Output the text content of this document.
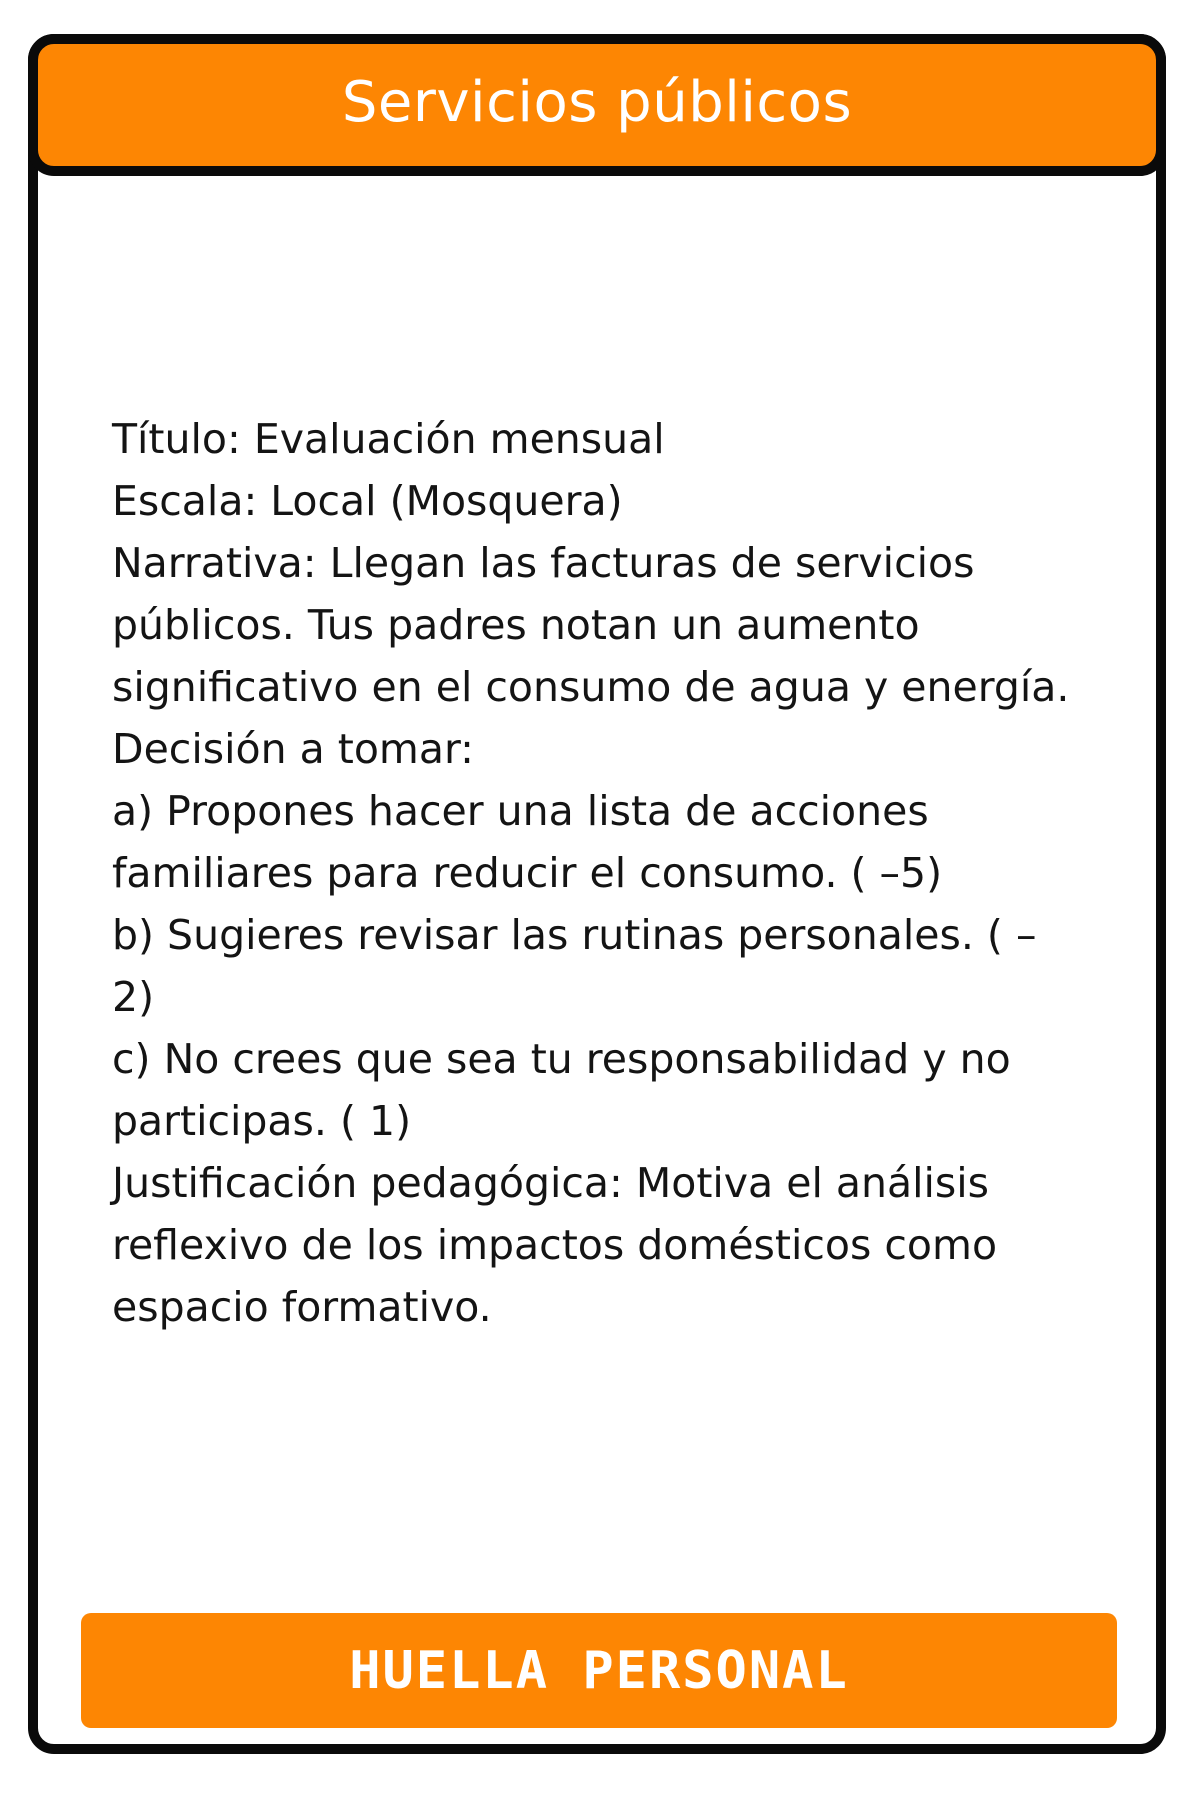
Servicios públicos
Título: Evaluación mensual
Escala: Local (Mosquera)
Narrativa: Llegan las facturas de servicios
públicos. Tus padres notan un aumento
significativo en el consumo de agua y energía.
Decisión a tomar:
a) Propones hacer una lista de acciones
familiares para reducir el consumo. ( –5)
b) Sugieres revisar las rutinas personales. ( –
2)
c) No crees que sea tu responsabilidad y no
participas. ( 1)
Justificación pedagógica: Motiva el análisis
reflexivo de los impactos domésticos como
espacio formativo.
HUELLA PERSONAL
